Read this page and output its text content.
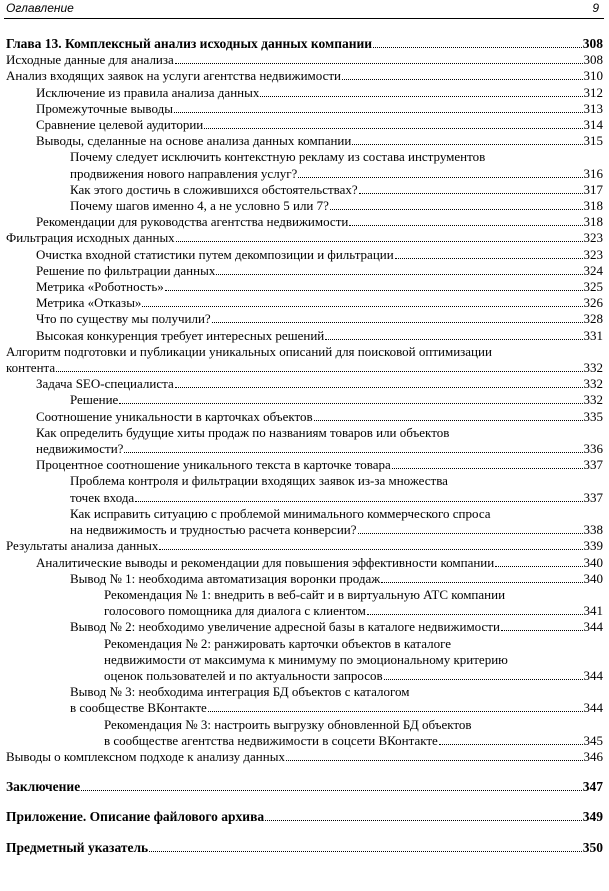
Оглавление	9
Глава 13. Комплексный анализ исходных данных компании	308
Исходные данные для анализа	308
Анализ входящих заявок на услуги агентства недвижимости	310
Исключение из правила анализа данных	312
Промежуточные выводы	313
Сравнение целевой аудитории	314
Выводы, сделанные на основе анализа данных компании	315
Почему следует исключить контекстную рекламу из состава инструментов
продвижения нового направления услуг?	316
Как этого достичь в сложившихся обстоятельствах?	317
Почему шагов именно 4, а не условно 5 или 7?	318
Рекомендации для руководства агентства недвижимости	318
Фильтрация исходных данных	323
Очистка входной статистики путем декомпозиции и фильтрации	323
Решение по фильтрации данных	324
Метрика «Роботность»	325
Метрика «Отказы»	326
Что по существу мы получили?	328
Высокая конкуренция требует интересных решений	331
Алгоритм подготовки и публикации уникальных описаний для поисковой оптимизации
контента	332
Задача SEO-специалиста	332
Решение	332
Соотношение уникальности в карточках объектов	335
Как определить будущие хиты продаж по названиям товаров или объектов
недвижимости?	336
Процентное соотношение уникального текста в карточке товара	337
Проблема контроля и фильтрации входящих заявок из-за множества
точек входа	337
Как исправить ситуацию с проблемой минимального коммерческого спроса
на недвижимость и трудностью расчета конверсии?	338
Результаты анализа данных	339
Аналитические выводы и рекомендации для повышения эффективности компании	340
Вывод № 1: необходима автоматизация воронки продаж	340
Рекомендация № 1: внедрить в веб-сайт и в виртуальную АТС компании
голосового помощника для диалога с клиентом	341
Вывод № 2: необходимо увеличение адресной базы в каталоге недвижимости	344
Рекомендация № 2: ранжировать карточки объектов в каталоге
недвижимости от максимума к минимуму по эмоциональному критерию
оценок пользователей и по актуальности запросов	344
Вывод № 3: необходима интеграция БД объектов с каталогом
в сообществе ВКонтакте	344
Рекомендация № 3: настроить выгрузку обновленной БД объектов
в сообществе агентства недвижимости в соцсети ВКонтакте	345
Выводы о комплексном подходе к анализу данных	346
Заключение	347
Приложение. Описание файлового архива	349
Предметный указатель	350
